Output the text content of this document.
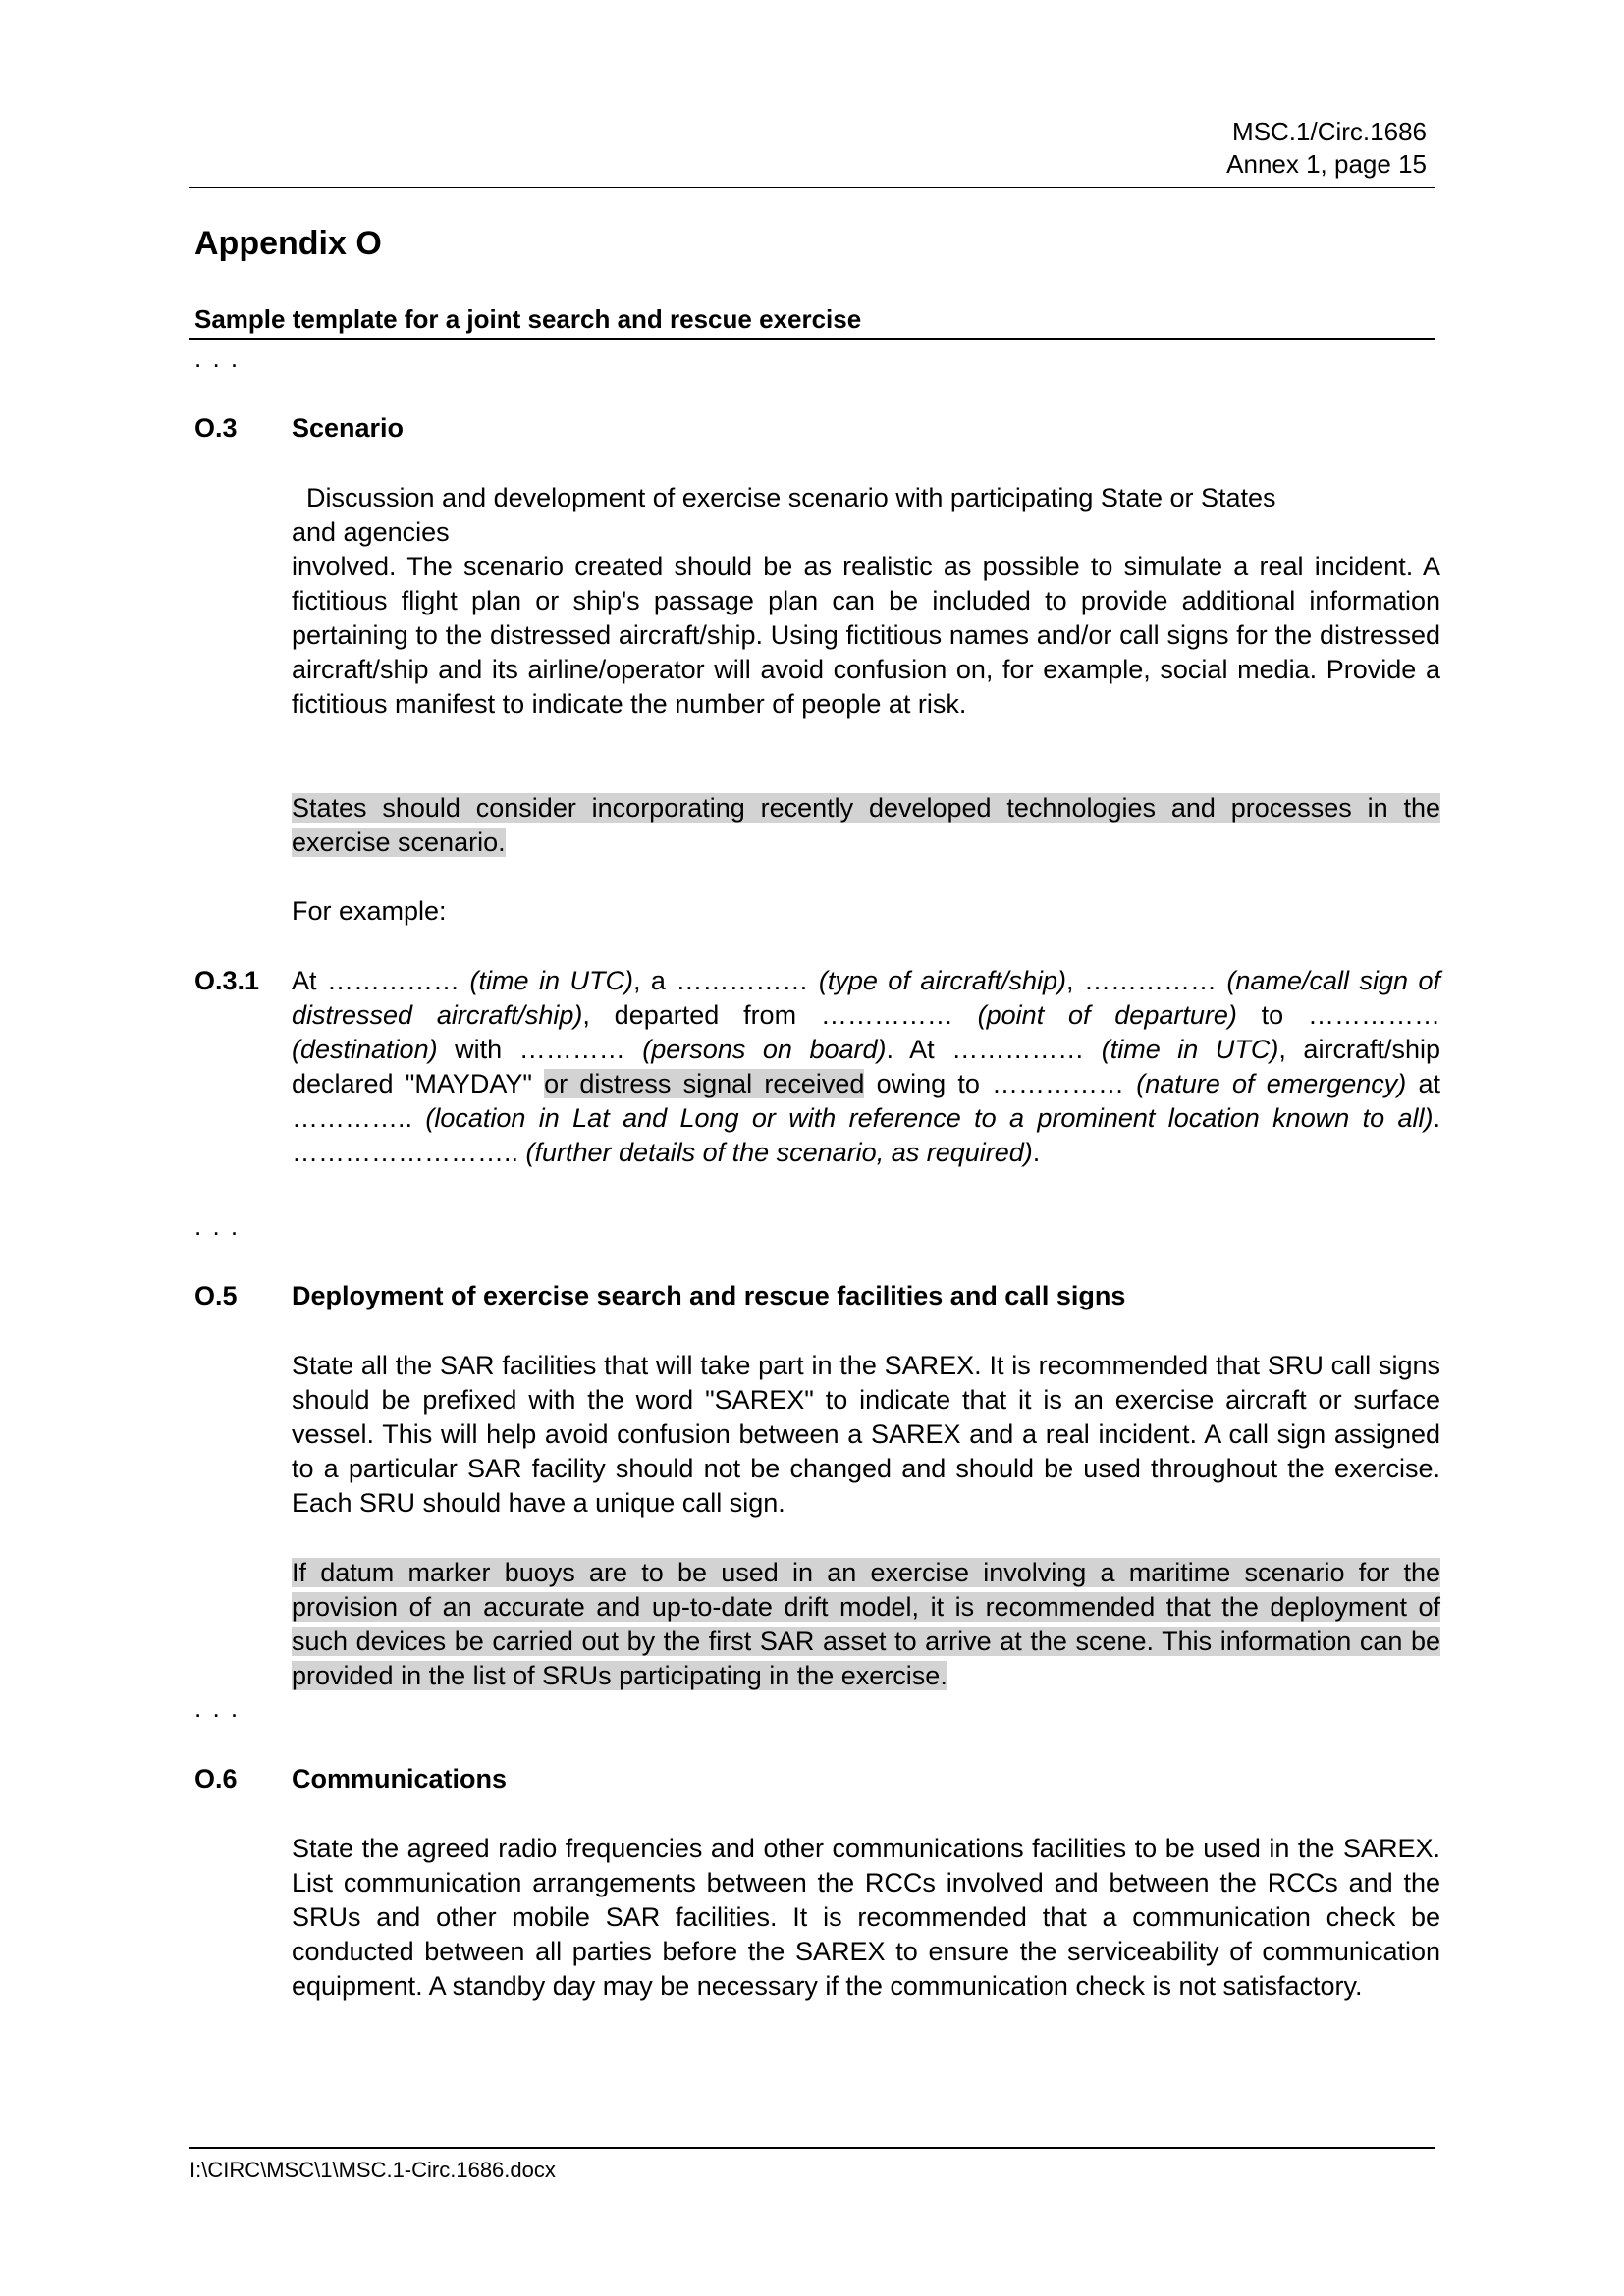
MSC.1/Circ.1686
Annex 1, page 15
Appendix O
Sample template for a joint search and rescue exercise
. . .
O.3 Scenario
Discussion and development of exercise scenario with participating State or States
and agencies
involved. The scenario created should be as realistic as possible to simulate a real incident. A fictitious flight plan or ship's passage plan can be included to provide additional information pertaining to the distressed aircraft/ship. Using fictitious names and/or call signs for the distressed aircraft/ship and its airline/operator will avoid confusion on, for example, social media. Provide a fictitious manifest to indicate the number of people at risk.
States should consider incorporating recently developed technologies and processes in the exercise scenario.
For example:
O.3.1 At …………… (time in UTC), a …………… (type of aircraft/ship), …………… (name/call sign of distressed aircraft/ship), departed from …………… (point of departure) to …………… (destination) with ………… (persons on board). At …………… (time in UTC), aircraft/ship declared "MAYDAY" or distress signal received owing to …………… (nature of emergency) at ………….. (location in Lat and Long or with reference to a prominent location known to all). …………………….. (further details of the scenario, as required).
. . .
O.5 Deployment of exercise search and rescue facilities and call signs
State all the SAR facilities that will take part in the SAREX. It is recommended that SRU call signs should be prefixed with the word "SAREX" to indicate that it is an exercise aircraft or surface vessel. This will help avoid confusion between a SAREX and a real incident. A call sign assigned to a particular SAR facility should not be changed and should be used throughout the exercise. Each SRU should have a unique call sign.
If datum marker buoys are to be used in an exercise involving a maritime scenario for the provision of an accurate and up-to-date drift model, it is recommended that the deployment of such devices be carried out by the first SAR asset to arrive at the scene. This information can be provided in the list of SRUs participating in the exercise.
. . .
O.6 Communications
State the agreed radio frequencies and other communications facilities to be used in the SAREX. List communication arrangements between the RCCs involved and between the RCCs and the SRUs and other mobile SAR facilities. It is recommended that a communication check be conducted between all parties before the SAREX to ensure the serviceability of communication equipment. A standby day may be necessary if the communication check is not satisfactory.
I:\CIRC\MSC\1\MSC.1-Circ.1686.docx
